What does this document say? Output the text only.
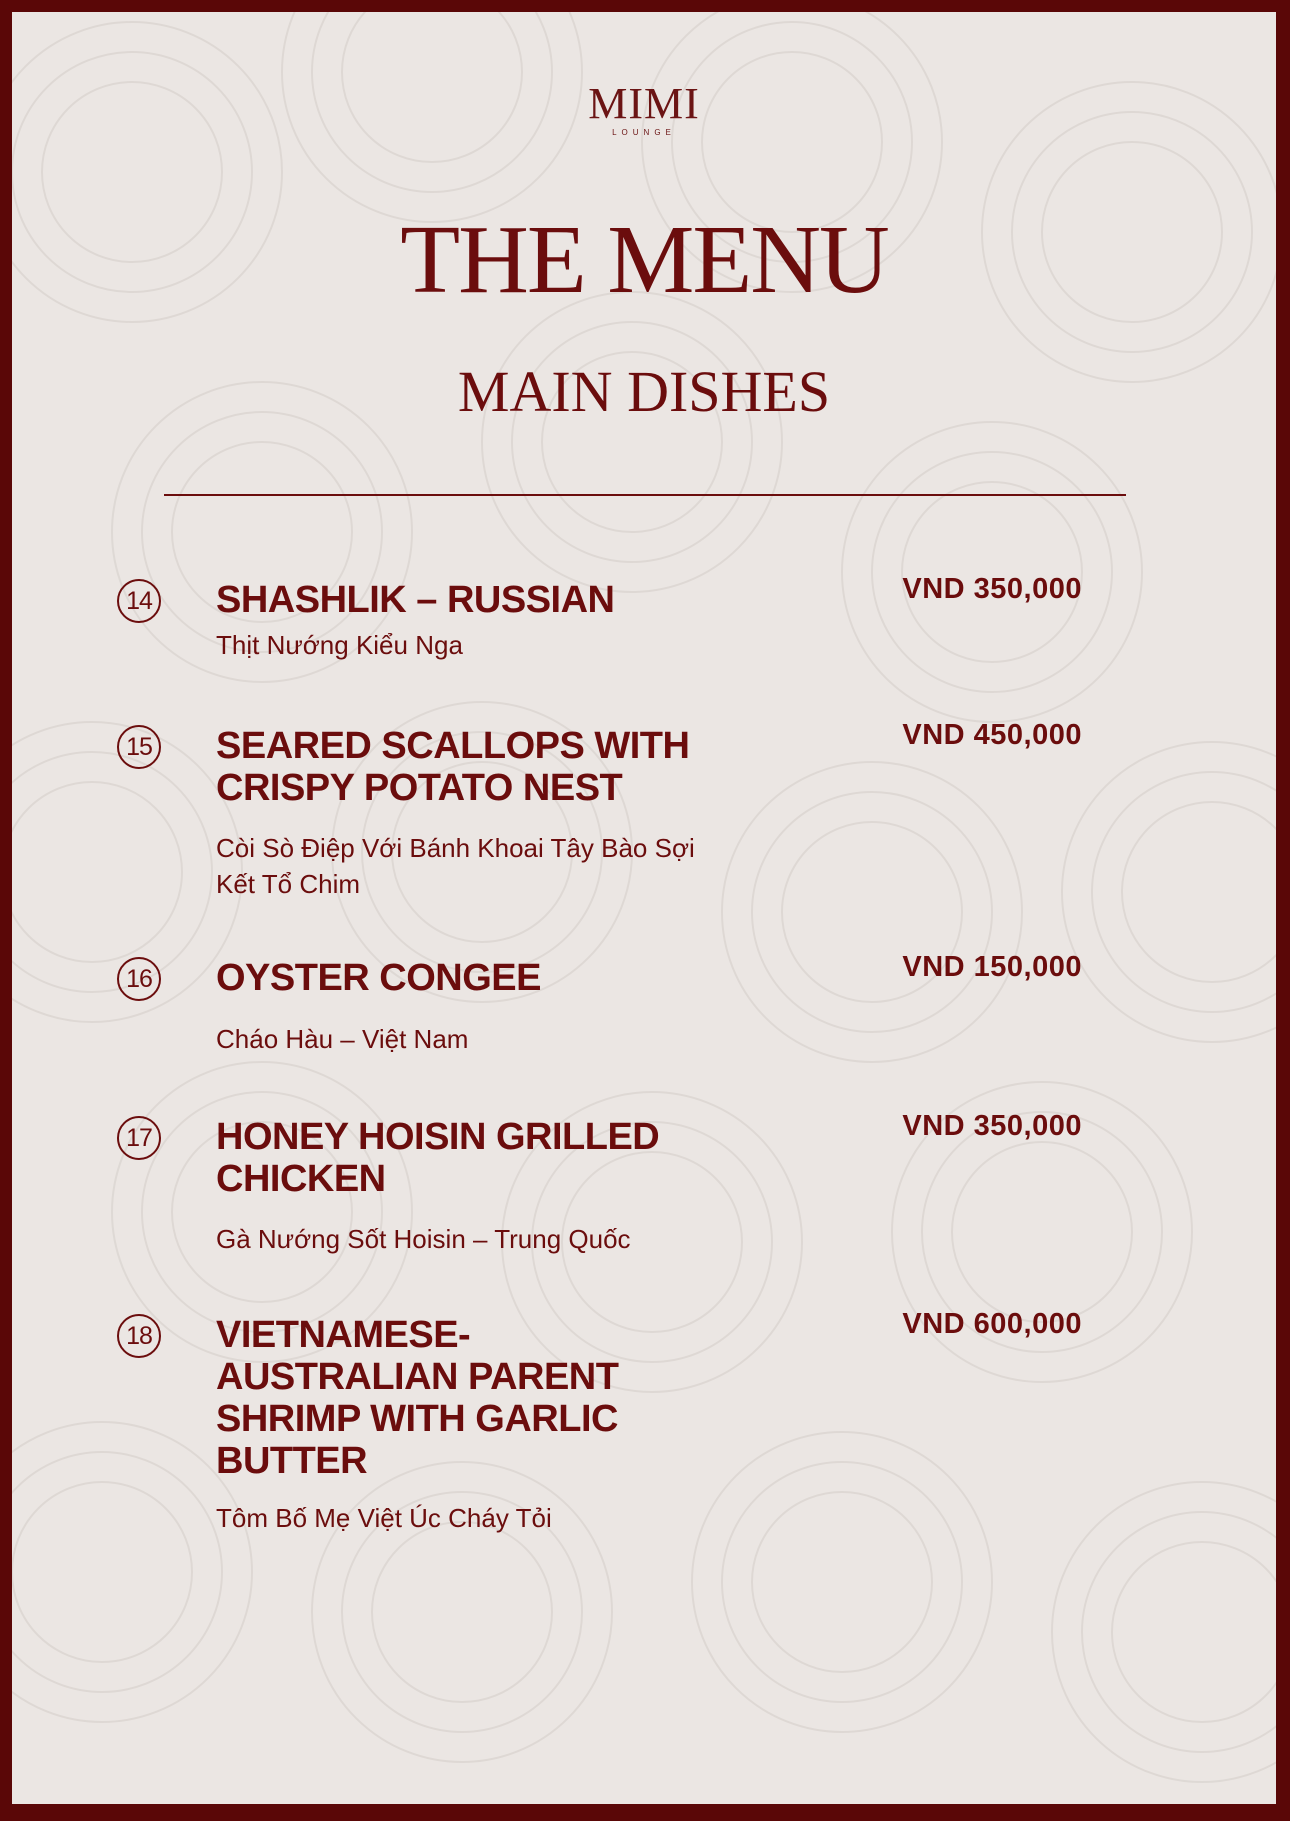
MIMI
LOUNGE
THE MENU
MAIN DISHES
14 SHASHLIK – RUSSIAN	VND 350,000
Thịt Nướng Kiểu Nga
15 SEARED SCALLOPS WITH CRISPY POTATO NEST
VND 450,000
Còi Sò Điệp Với Bánh Khoai Tây Bào Sợi Kết Tổ Chim
16 OYSTER CONGEE	VND 150,000
Cháo Hàu – Việt Nam
17 HONEY HOISIN GRILLED CHICKEN
VND 350,000
Gà Nướng Sốt Hoisin – Trung Quốc
18 VIETNAMESE-AUSTRALIAN PARENT SHRIMP WITH GARLIC BUTTER
VND 600,000
Tôm Bố Mẹ Việt Úc Cháy Tỏi
